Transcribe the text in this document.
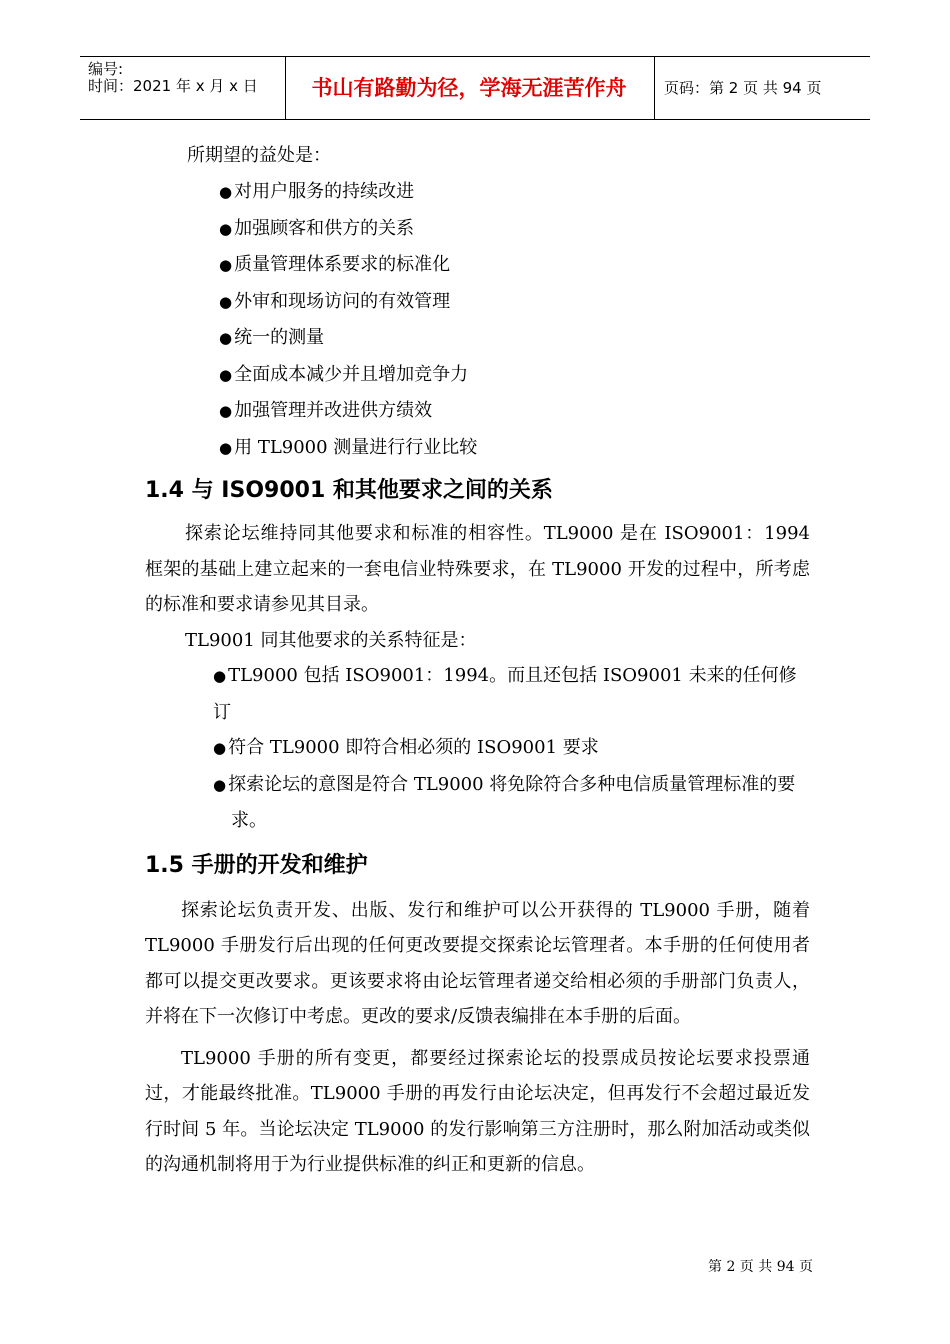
编号:
时间：2021 年 x 月 x 日	书山有路勤为径，学海无涯苦作舟	页码：第 2 页 共 94 页

所期望的益处是：

● 对用户服务的持续改进

● 加强顾客和供方的关系

● 质量管理体系要求的标准化

● 外审和现场访问的有效管理

● 统一的测量

● 全面成本减少并且增加竞争力

● 加强管理并改进供方绩效

● 用 TL9000 测量进行行业比较

1.4 与 ISO9001 和其他要求之间的关系

探索论坛维持同其他要求和标准的相容性。TL9000 是在 ISO9001：1994 框架的基础上建立起来的一套电信业特殊要求，在 TL9000 开发的过程中，所考虑的标准和要求请参见其目录。

TL9001 同其他要求的关系特征是：

● TL9000 包括 ISO9001：1994。而且还包括 ISO9001 未来的任何修订

● 符合 TL9000 即符合相必须的 ISO9001 要求

● 探索论坛的意图是符合 TL9000 将免除符合多种电信质量管理标准的要求。

1.5 手册的开发和维护

探索论坛负责开发、出版、发行和维护可以公开获得的 TL9000 手册，随着 TL9000 手册发行后出现的任何更改要提交探索论坛管理者。本手册的任何使用者都可以提交更改要求。更该要求将由论坛管理者递交给相必须的手册部门负责人，并将在下一次修订中考虑。更改的要求/反馈表编排在本手册的后面。

TL9000 手册的所有变更，都要经过探索论坛的投票成员按论坛要求投票通过，才能最终批准。TL9000 手册的再发行由论坛决定，但再发行不会超过最近发行时间 5 年。当论坛决定 TL9000 的发行影响第三方注册时，那么附加活动或类似的沟通机制将用于为行业提供标准的纠正和更新的信息。

第 2 页 共 94 页
